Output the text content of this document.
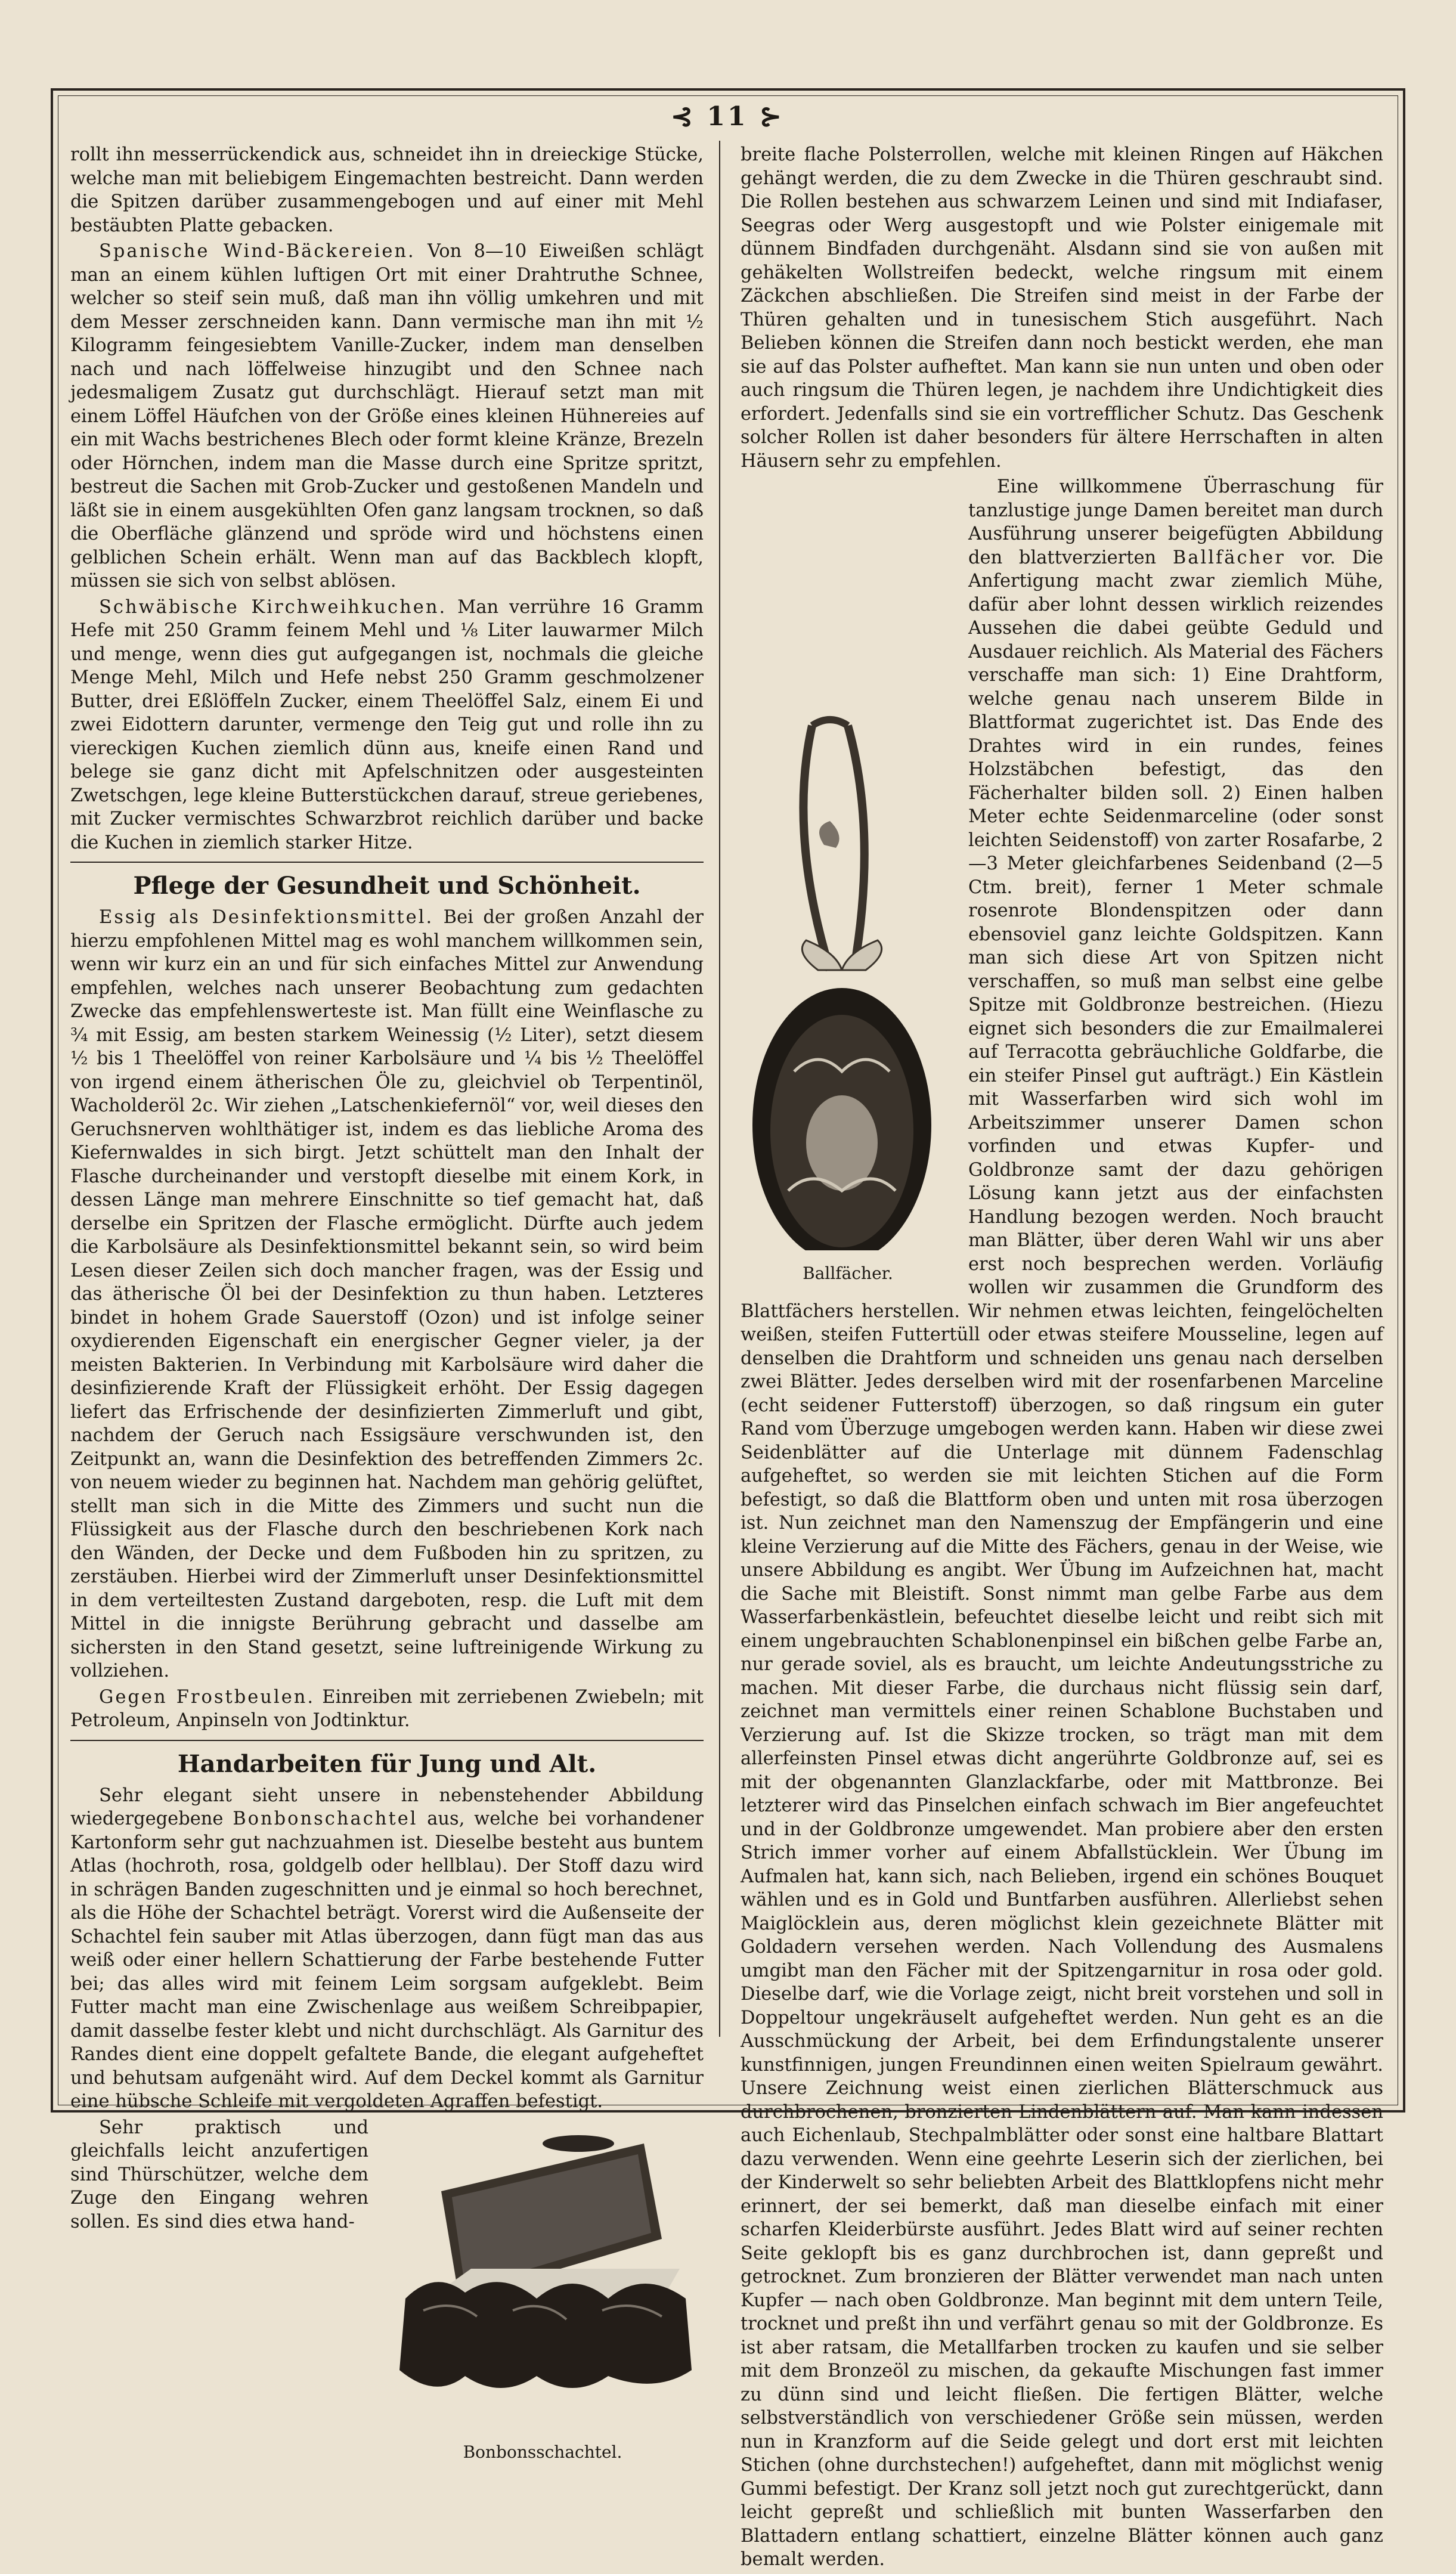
⊰ 11 ⊱

rollt ihn messerrückendick aus, schneidet ihn in dreieckige Stücke, welche man mit beliebigem Eingemachten bestreicht. Dann werden die Spitzen darüber zusammengebogen und auf einer mit Mehl bestäubten Platte gebacken.

Spanische Wind-Bäckereien. Von 8—10 Eiweißen schlägt man an einem kühlen luftigen Ort mit einer Drahtruthe Schnee, welcher so steif sein muß, daß man ihn völlig umkehren und mit dem Messer zerschneiden kann. Dann vermische man ihn mit ½ Kilogramm feingesiebtem Vanille-Zucker, indem man denselben nach und nach löffelweise hinzugibt und den Schnee nach jedesmaligem Zusatz gut durchschlägt. Hierauf setzt man mit einem Löffel Häufchen von der Größe eines kleinen Hühnereies auf ein mit Wachs bestrichenes Blech oder formt kleine Kränze, Brezeln oder Hörnchen, indem man die Masse durch eine Spritze spritzt, bestreut die Sachen mit Grob-Zucker und gestoßenen Mandeln und läßt sie in einem ausgekühlten Ofen ganz langsam trocknen, so daß die Oberfläche glänzend und spröde wird und höchstens einen gelblichen Schein erhält. Wenn man auf das Backblech klopft, müssen sie sich von selbst ablösen.

Schwäbische Kirchweihkuchen. Man verrühre 16 Gramm Hefe mit 250 Gramm feinem Mehl und ⅛ Liter lauwarmer Milch und menge, wenn dies gut aufgegangen ist, nochmals die gleiche Menge Mehl, Milch und Hefe nebst 250 Gramm geschmolzener Butter, drei Eßlöffeln Zucker, einem Theelöffel Salz, einem Ei und zwei Eidottern darunter, vermenge den Teig gut und rolle ihn zu viereckigen Kuchen ziemlich dünn aus, kneife einen Rand und belege sie ganz dicht mit Apfelschnitzen oder ausgesteinten Zwetschgen, lege kleine Butterstückchen darauf, streue geriebenes, mit Zucker vermischtes Schwarzbrot reichlich darüber und backe die Kuchen in ziemlich starker Hitze.

Pflege der Gesundheit und Schönheit.

Essig als Desinfektionsmittel. Bei der großen Anzahl der hierzu empfohlenen Mittel mag es wohl manchem willkommen sein, wenn wir kurz ein an und für sich einfaches Mittel zur Anwendung empfehlen, welches nach unserer Beobachtung zum gedachten Zwecke das empfehlenswerteste ist. Man füllt eine Weinflasche zu ¾ mit Essig, am besten starkem Weinessig (½ Liter), setzt diesem ½ bis 1 Theelöffel von reiner Karbolsäure und ¼ bis ½ Theelöffel von irgend einem ätherischen Öle zu, gleichviel ob Terpentinöl, Wacholderöl 2c. Wir ziehen „Latschenkiefernöl“ vor, weil dieses den Geruchsnerven wohlthätiger ist, indem es das liebliche Aroma des Kiefernwaldes in sich birgt. Jetzt schüttelt man den Inhalt der Flasche durcheinander und verstopft dieselbe mit einem Kork, in dessen Länge man mehrere Einschnitte so tief gemacht hat, daß derselbe ein Spritzen der Flasche ermöglicht. Dürfte auch jedem die Karbolsäure als Desinfektionsmittel bekannt sein, so wird beim Lesen dieser Zeilen sich doch mancher fragen, was der Essig und das ätherische Öl bei der Desinfektion zu thun haben. Letzteres bindet in hohem Grade Sauerstoff (Ozon) und ist infolge seiner oxydierenden Eigenschaft ein energischer Gegner vieler, ja der meisten Bakterien. In Verbindung mit Karbolsäure wird daher die desinfizierende Kraft der Flüssigkeit erhöht. Der Essig dagegen liefert das Erfrischende der desinfizierten Zimmerluft und gibt, nachdem der Geruch nach Essigsäure verschwunden ist, den Zeitpunkt an, wann die Desinfektion des betreffenden Zimmers 2c. von neuem wieder zu beginnen hat. Nachdem man gehörig gelüftet, stellt man sich in die Mitte des Zimmers und sucht nun die Flüssigkeit aus der Flasche durch den beschriebenen Kork nach den Wänden, der Decke und dem Fußboden hin zu spritzen, zu zerstäuben. Hierbei wird der Zimmerluft unser Desinfektionsmittel in dem verteiltesten Zustand dargeboten, resp. die Luft mit dem Mittel in die innigste Berührung gebracht und dasselbe am sichersten in den Stand gesetzt, seine luftreinigende Wirkung zu vollziehen.

Gegen Frostbeulen. Einreiben mit zerriebenen Zwiebeln; mit Petroleum, Anpinseln von Jodtinktur.

Handarbeiten für Jung und Alt.

Sehr elegant sieht unsere in nebenstehender Abbildung wiedergegebene Bonbonschachtel aus, welche bei vorhandener Kartonform sehr gut nachzuahmen ist. Dieselbe besteht aus buntem Atlas (hochroth, rosa, goldgelb oder hellblau). Der Stoff dazu wird in schrägen Banden zugeschnitten und je einmal so hoch berechnet, als die Höhe der Schachtel beträgt. Vorerst wird die Außenseite der Schachtel fein sauber mit Atlas überzogen, dann fügt man das aus weiß oder einer hellern Schattierung der Farbe bestehende Futter bei; das alles wird mit feinem Leim sorgsam aufgeklebt. Beim Futter macht man eine Zwischenlage aus weißem Schreibpapier, damit dasselbe fester klebt und nicht durchschlägt. Als Garnitur des Randes dient eine doppelt gefaltete Bande, die elegant aufgeheftet und behutsam aufgenäht wird. Auf dem Deckel kommt als Garnitur eine hübsche Schleife mit vergoldeten Agraffen befestigt.

Bonbonsschachtel.

Sehr praktisch und gleichfalls leicht anzufertigen sind Thürschützer, welche dem Zuge den Eingang wehren sollen. Es sind dies etwa hand-

breite flache Polsterrollen, welche mit kleinen Ringen auf Häkchen gehängt werden, die zu dem Zwecke in die Thüren geschraubt sind. Die Rollen bestehen aus schwarzem Leinen und sind mit Indiafaser, Seegras oder Werg ausgestopft und wie Polster einigemale mit dünnem Bindfaden durchgenäht. Alsdann sind sie von außen mit gehäkelten Wollstreifen bedeckt, welche ringsum mit einem Zäckchen abschließen. Die Streifen sind meist in der Farbe der Thüren gehalten und in tunesischem Stich ausgeführt. Nach Belieben können die Streifen dann noch bestickt werden, ehe man sie auf das Polster aufheftet. Man kann sie nun unten und oben oder auch ringsum die Thüren legen, je nachdem ihre Undichtigkeit dies erfordert. Jedenfalls sind sie ein vortrefflicher Schutz. Das Geschenk solcher Rollen ist daher besonders für ältere Herrschaften in alten Häusern sehr zu empfehlen.

Ballfächer.

Eine willkommene Überraschung für tanzlustige junge Damen bereitet man durch Ausführung unserer beigefügten Abbildung den blattverzierten Ballfächer vor. Die Anfertigung macht zwar ziemlich Mühe, dafür aber lohnt dessen wirklich reizendes Aussehen die dabei geübte Geduld und Ausdauer reichlich. Als Material des Fächers verschaffe man sich: 1) Eine Drahtform, welche genau nach unserem Bilde in Blattformat zugerichtet ist. Das Ende des Drahtes wird in ein rundes, feines Holzstäbchen befestigt, das den Fächerhalter bilden soll. 2) Einen halben Meter echte Seidenmarceline (oder sonst leichten Seidenstoff) von zarter Rosafarbe, 2—3 Meter gleichfarbenes Seidenband (2—5 Ctm. breit), ferner 1 Meter schmale rosenrote Blondenspitzen oder dann ebensoviel ganz leichte Goldspitzen. Kann man sich diese Art von Spitzen nicht verschaffen, so muß man selbst eine gelbe Spitze mit Goldbronze bestreichen. (Hiezu eignet sich besonders die zur Emailmalerei auf Terracotta gebräuchliche Goldfarbe, die ein steifer Pinsel gut aufträgt.) Ein Kästlein mit Wasserfarben wird sich wohl im Arbeitszimmer unserer Damen schon vorfinden und etwas Kupfer- und Goldbronze samt der dazu gehörigen Lösung kann jetzt aus der einfachsten Handlung bezogen werden. Noch braucht man Blätter, über deren Wahl wir uns aber erst noch besprechen werden. Vorläufig wollen wir zusammen die Grundform des Blattfächers herstellen. Wir nehmen etwas leichten, feingelöchelten weißen, steifen Futtertüll oder etwas steifere Mousseline, legen auf denselben die Drahtform und schneiden uns genau nach derselben zwei Blätter. Jedes derselben wird mit der rosenfarbenen Marceline (echt seidener Futterstoff) überzogen, so daß ringsum ein guter Rand vom Überzuge umgebogen werden kann. Haben wir diese zwei Seidenblätter auf die Unterlage mit dünnem Fadenschlag aufgeheftet, so werden sie mit leichten Stichen auf die Form befestigt, so daß die Blattform oben und unten mit rosa überzogen ist. Nun zeichnet man den Namenszug der Empfängerin und eine kleine Verzierung auf die Mitte des Fächers, genau in der Weise, wie unsere Abbildung es angibt. Wer Übung im Aufzeichnen hat, macht die Sache mit Bleistift. Sonst nimmt man gelbe Farbe aus dem Wasserfarbenkästlein, befeuchtet dieselbe leicht und reibt sich mit einem ungebrauchten Schablonenpinsel ein bißchen gelbe Farbe an, nur gerade soviel, als es braucht, um leichte Andeutungsstriche zu machen. Mit dieser Farbe, die durchaus nicht flüssig sein darf, zeichnet man vermittels einer reinen Schablone Buchstaben und Verzierung auf. Ist die Skizze trocken, so trägt man mit dem allerfeinsten Pinsel etwas dicht angerührte Goldbronze auf, sei es mit der obgenannten Glanzlackfarbe, oder mit Mattbronze. Bei letzterer wird das Pinselchen einfach schwach im Bier angefeuchtet und in der Goldbronze umgewendet. Man probiere aber den ersten Strich immer vorher auf einem Abfallstücklein. Wer Übung im Aufmalen hat, kann sich, nach Belieben, irgend ein schönes Bouquet wählen und es in Gold und Buntfarben ausführen. Allerliebst sehen Maiglöcklein aus, deren möglichst klein gezeichnete Blätter mit Goldadern versehen werden. Nach Vollendung des Ausmalens umgibt man den Fächer mit der Spitzengarnitur in rosa oder gold. Dieselbe darf, wie die Vorlage zeigt, nicht breit vorstehen und soll in Doppeltour ungekräuselt aufgeheftet werden. Nun geht es an die Ausschmückung der Arbeit, bei dem Erfindungstalente unserer kunstfinnigen, jungen Freundinnen einen weiten Spielraum gewährt. Unsere Zeichnung weist einen zierlichen Blätterschmuck aus durchbrochenen, bronzierten Lindenblättern auf. Man kann indessen auch Eichenlaub, Stechpalmblätter oder sonst eine haltbare Blattart dazu verwenden. Wenn eine geehrte Leserin sich der zierlichen, bei der Kinderwelt so sehr beliebten Arbeit des Blattklopfens nicht mehr erinnert, der sei bemerkt, daß man dieselbe einfach mit einer scharfen Kleiderbürste ausführt. Jedes Blatt wird auf seiner rechten Seite geklopft bis es ganz durchbrochen ist, dann gepreßt und getrocknet. Zum bronzieren der Blätter verwendet man nach unten Kupfer — nach oben Goldbronze. Man beginnt mit dem untern Teile, trocknet und preßt ihn und verfährt genau so mit der Goldbronze. Es ist aber ratsam, die Metallfarben trocken zu kaufen und sie selber mit dem Bronzeöl zu mischen, da gekaufte Mischungen fast immer zu dünn sind und leicht fließen. Die fertigen Blätter, welche selbstverständlich von verschiedener Größe sein müssen, werden nun in Kranzform auf die Seide gelegt und dort erst mit leichten Stichen (ohne durchstechen!) aufgeheftet, dann mit möglichst wenig Gummi befestigt. Der Kranz soll jetzt noch gut zurechtgerückt, dann leicht gepreßt und schließlich mit bunten Wasserfarben den Blattadern entlang schattiert, einzelne Blätter können auch ganz bemalt werden.
